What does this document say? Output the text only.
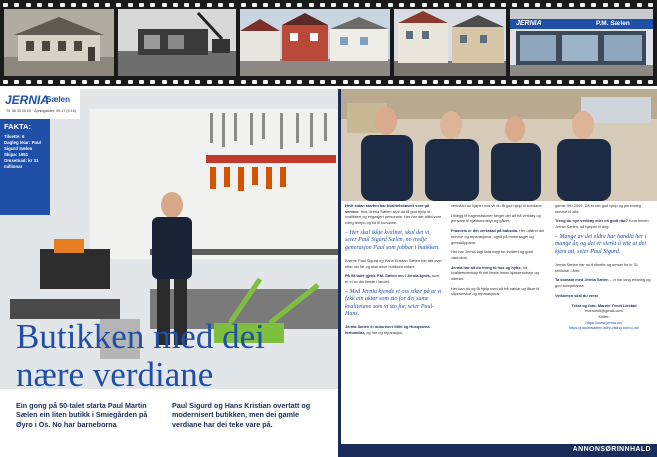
JERNIA	P.M. Sælen
JERNIA
Sælen
Tlf. 56 30 20 20 · Åpningstider: 09-17 (9-15)
FAKTA:
Tilsette: 6
Dagleg leiar: Paul Sigurd Sælen
Skipa: 1951
Omsetnad: kr 31 millionar
Butikken med dei
nære verdiane
Ein gong på 50-talet starta Paul Martin Sælen ein liten butikk i Smiegården på Øyro i Os. No har barneborna
Paul Sigurd og Hans Kristian overtatt og modernisert butikken, men dei gamle verdiane har dei teke vare på.

Heilt sidan starten har kvalitetsbasert vore på service. Hos Jernia Sælen skal du få god hjelp til kvalifisert og engasjert personale. Her har det alltid vore roleg tempo og tid til kundane.

– Her skal ikkje kvalitet, skal det vi, seier Paul Sigurd Sælen, no tredje generasjon Paul som jobbar i butikken.

Brørne Paul Sigurd og Hans Kristian Sælen har tatt over etter sin far og skal drive butikken vidare.

På 90-talet gjekk P.M. Sælen inn i Jernia-kjeda, som er ei av dei første i landet.

– Med Jernia kjende vi oss sikre på at vi fekk ein aktør som sto for dei same kvalitetane som vi sto for, seier Paul-Hans.

Jernia Sælen er autorisert Stihl og Husqvarna forhandlar, og har og reparasjon.

verkstad du kjøper hos vil du få god hjelp til kundane.

I tillegg til hagemaskiner selger dei alt frå verktøy og jernvare til kjøkkenutstyr og gåver.

Framleis er det verkstad på baksida. Her utfører dei service og reparasjonar, også på motorsager og gressklipparar.

Her har Jernia lagt lista høgt for kvalitet og godt vareutval.

Jernia har alt du treng til hus og hytte, frå kvalitetsverktøy til det beste innan kjøkkenutstyr og interiør.

Her kan du og få hjelp med alt frå nøklar og låsar til slipeservice og reparasjonar.

gamle tid i 2009. Då er det god hjelp og personleg service til alle.

Treng du nye verktøy eller eit godt råd? Kom innom Jernia Sælen, så hjelper vi deg.

– Mange av dei eldre har handla her i mange år, og det er sterkt å vite at dei kjem att, seier Paul Sigurd.

Jernia Sælen har no 6 tilsette og omset for kr 31 millionar i året.

Ta kontakt med Jernia Sælen – vi har lang erfaring og god kompetanse.

Velkomen skal du vera!

Tekst og foto: Marnie Tvedt Liestad
marnieutl@gmail.com
Kilder:
https://www.jernia.no/
https://paulmsaelen.stihl-viking.no/no-no/
ANNONSØRINNHALD
